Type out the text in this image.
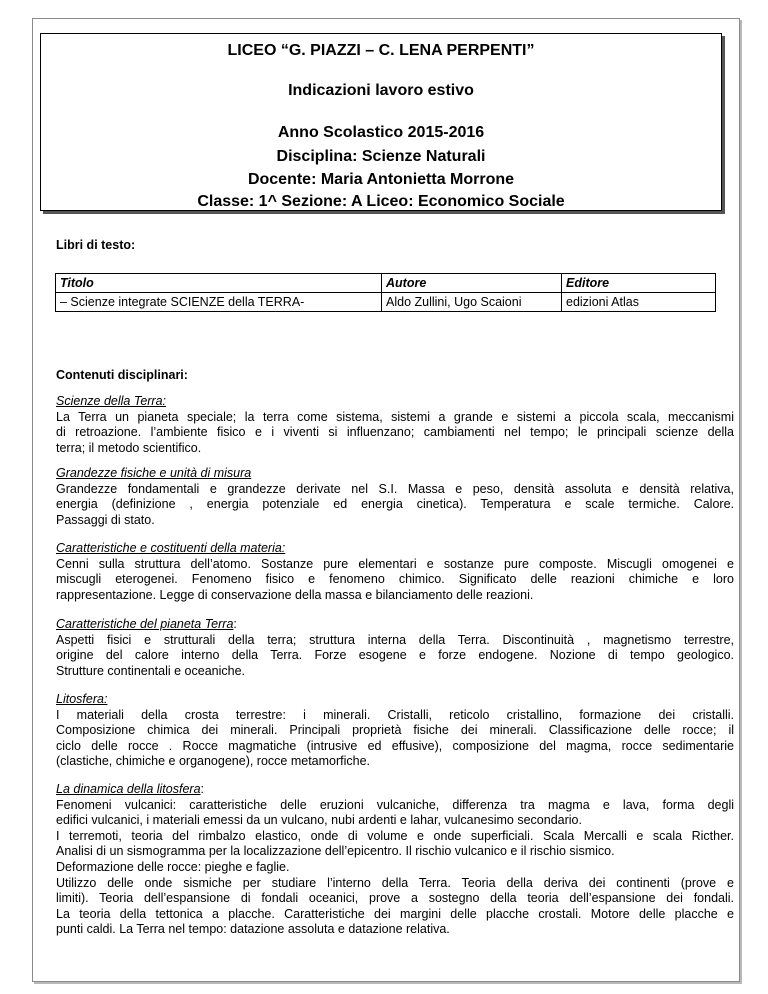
LICEO “G. PIAZZI – C. LENA PERPENTI”
Indicazioni lavoro estivo
Anno Scolastico 2015-2016
Disciplina: Scienze Naturali
Docente: Maria Antonietta Morrone
Classe: 1^ Sezione: A Liceo: Economico Sociale
Libri di testo:
Titolo	Autore	Editore
– Scienze integrate SCIENZE della TERRA-	Aldo Zullini, Ugo Scaioni	edizioni Atlas
Contenuti disciplinari:
Scienze della Terra:

La Terra un pianeta speciale; la terra come sistema, sistemi a grande e sistemi a piccola scala, meccanismi
di retroazione. l’ambiente fisico e i viventi si influenzano; cambiamenti nel tempo; le principali scienze della
terra; il metodo scientifico.

Grandezze fisiche e unità di misura

Grandezze fondamentali e grandezze derivate nel S.I. Massa e peso, densità assoluta e densità relativa,
energia (definizione , energia potenziale ed energia cinetica). Temperatura e scale termiche. Calore.
Passaggi di stato.

Caratteristiche e costituenti della materia:

Cenni sulla struttura dell’atomo. Sostanze pure elementari e sostanze pure composte. Miscugli omogenei e
miscugli eterogenei. Fenomeno fisico e fenomeno chimico. Significato delle reazioni chimiche e loro
rappresentazione. Legge di conservazione della massa e bilanciamento delle reazioni.

Caratteristiche del pianeta Terra:

Aspetti fisici e strutturali della terra; struttura interna della Terra. Discontinuità , magnetismo terrestre,
origine del calore interno della Terra. Forze esogene e forze endogene. Nozione di tempo geologico.
Strutture continentali e oceaniche.

Litosfera:

I materiali della crosta terrestre: i minerali. Cristalli, reticolo cristallino, formazione dei cristalli.
Composizione chimica dei minerali. Principali proprietà fisiche dei minerali. Classificazione delle rocce; il
ciclo delle rocce . Rocce magmatiche (intrusive ed effusive), composizione del magma, rocce sedimentarie
(clastiche, chimiche e organogene), rocce metamorfiche.

La dinamica della litosfera:

Fenomeni vulcanici: caratteristiche delle eruzioni vulcaniche, differenza tra magma e lava, forma degli
edifici vulcanici, i materiali emessi da un vulcano, nubi ardenti e lahar, vulcanesimo secondario.
I terremoti, teoria del rimbalzo elastico, onde di volume e onde superficiali. Scala Mercalli e scala Ricther.
Analisi di un sismogramma per la localizzazione dell’epicentro. Il rischio vulcanico e il rischio sismico.
Deformazione delle rocce: pieghe e faglie.
Utilizzo delle onde sismiche per studiare l’interno della Terra. Teoria della deriva dei continenti (prove e
limiti). Teoria dell’espansione di fondali oceanici, prove a sostegno della teoria dell’espansione dei fondali.
La teoria della tettonica a placche. Caratteristiche dei margini delle placche crostali. Motore delle placche e
punti caldi. La Terra nel tempo: datazione assoluta e datazione relativa.
